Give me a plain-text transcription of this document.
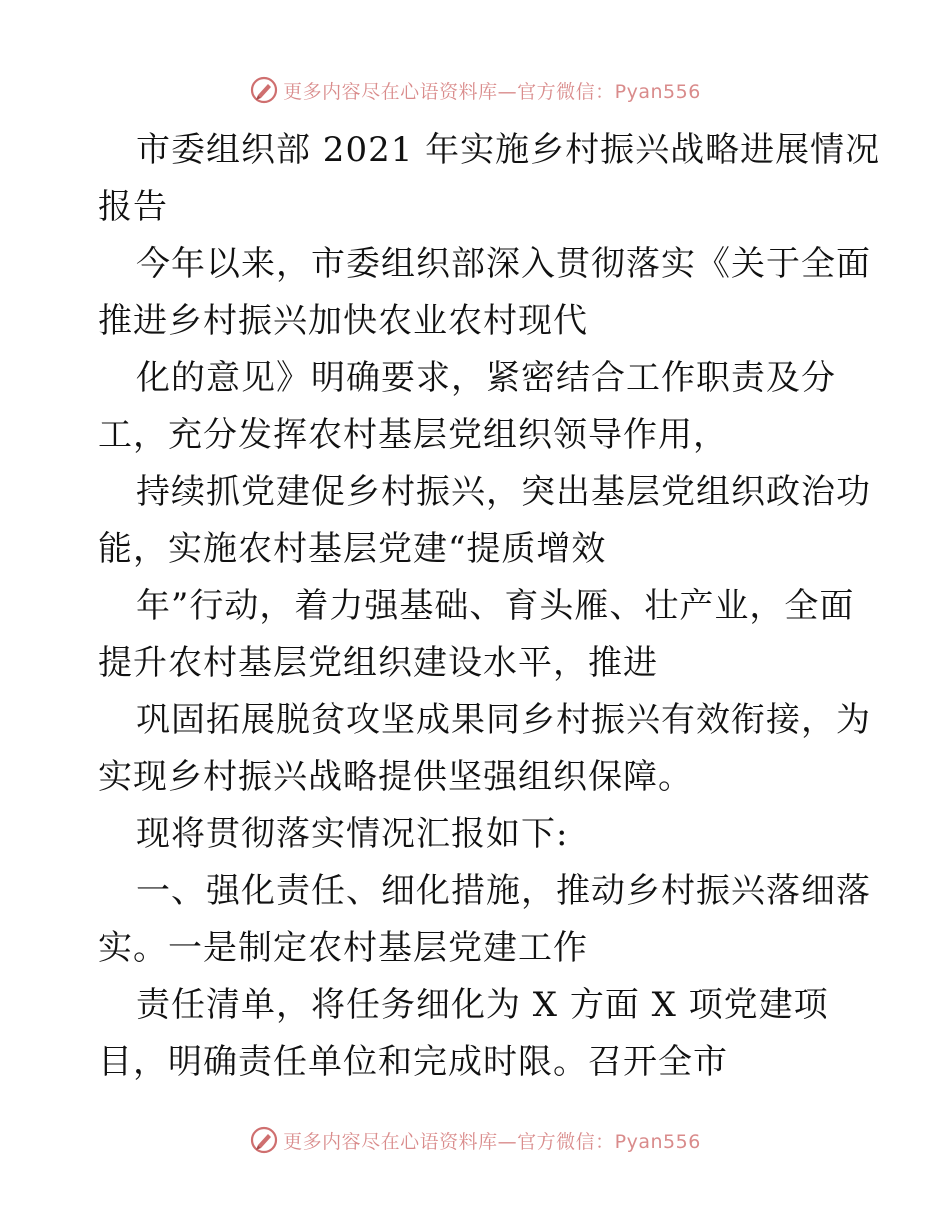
更多内容尽在心语资料库—官方微信：Pyan556
市委组织部 2021 年实施乡村振兴战略进展情况
报告
今年以来，市委组织部深入贯彻落实《关于全面
推进乡村振兴加快农业农村现代
化的意见》明确要求，紧密结合工作职责及分
工，充分发挥农村基层党组织领导作用，
持续抓党建促乡村振兴，突出基层党组织政治功
能，实施农村基层党建“提质增效
年”行动，着力强基础、育头雁、壮产业，全面
提升农村基层党组织建设水平，推进
巩固拓展脱贫攻坚成果同乡村振兴有效衔接，为
实现乡村振兴战略提供坚强组织保障。
现将贯彻落实情况汇报如下:
一、强化责任、细化措施，推动乡村振兴落细落
实。一是制定农村基层党建工作
责任清单，将任务细化为 X 方面 X 项党建项
目，明确责任单位和完成时限。召开全市
更多内容尽在心语资料库—官方微信：Pyan556
